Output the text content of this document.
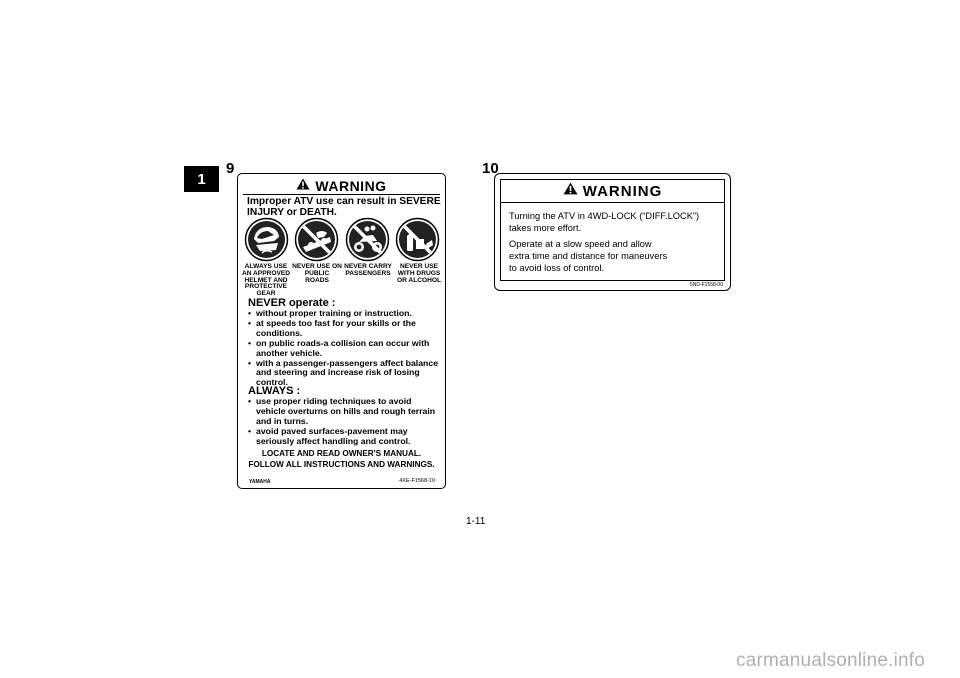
1
9	10
WARNING
Improper ATV use can result in SEVERE INJURY or DEATH.
ALWAYS USE AN APPROVED HELMET AND PROTECTIVE GEAR
NEVER USE ON PUBLIC ROADS
NEVER CARRY PASSENGERS
NEVER USE WITH DRUGS OR ALCOHOL
NEVER operate :
• without proper training or instruction.
• at speeds too fast for your skills or the conditions.
• on public roads-a collision can occur with another vehicle.
• with a passenger-passengers affect balance and steering and increase risk of losing control.
ALWAYS :
• use proper riding techniques to avoid vehicle overturns on hills and rough terrain and in turns.
• avoid paved surfaces-pavement may seriously affect handling and control.
LOCATE AND READ OWNER'S MANUAL.
FOLLOW ALL INSTRUCTIONS AND WARNINGS.
YAMAHA	4XE-F1568-10
WARNING
Turning the ATV in 4WD-LOCK (“DIFF.LOCK”)
takes more effort.
Operate at a slow speed and allow
extra time and distance for maneuvers
to avoid loss of control.
5ND-F1558-00
1-11
carmanualsonline.info
